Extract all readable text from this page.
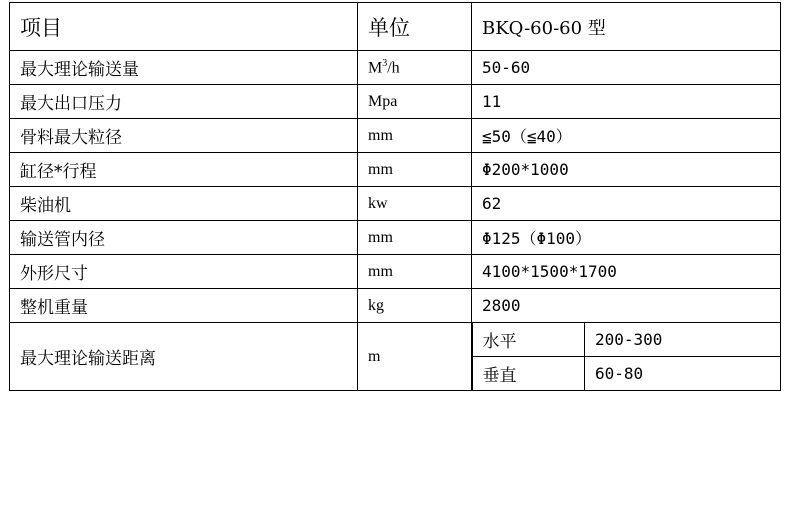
项目	单位	BKQ-60-60 型	
最大理论输送量	$M^3/h$	50-60	
最大出口压力	Mpa	11	
骨料最大粒径	mm	≦50（≦40）	
缸径*行程	mm	Φ200*1000	
柴油机	kw	62	
输送管内径	mm	Φ125（Φ100）	
外形尺寸	mm	4100*1500*1700	
整机重量	kg	2800	
最大理论输送距离	m	水平	200-300
		垂直	60-80
